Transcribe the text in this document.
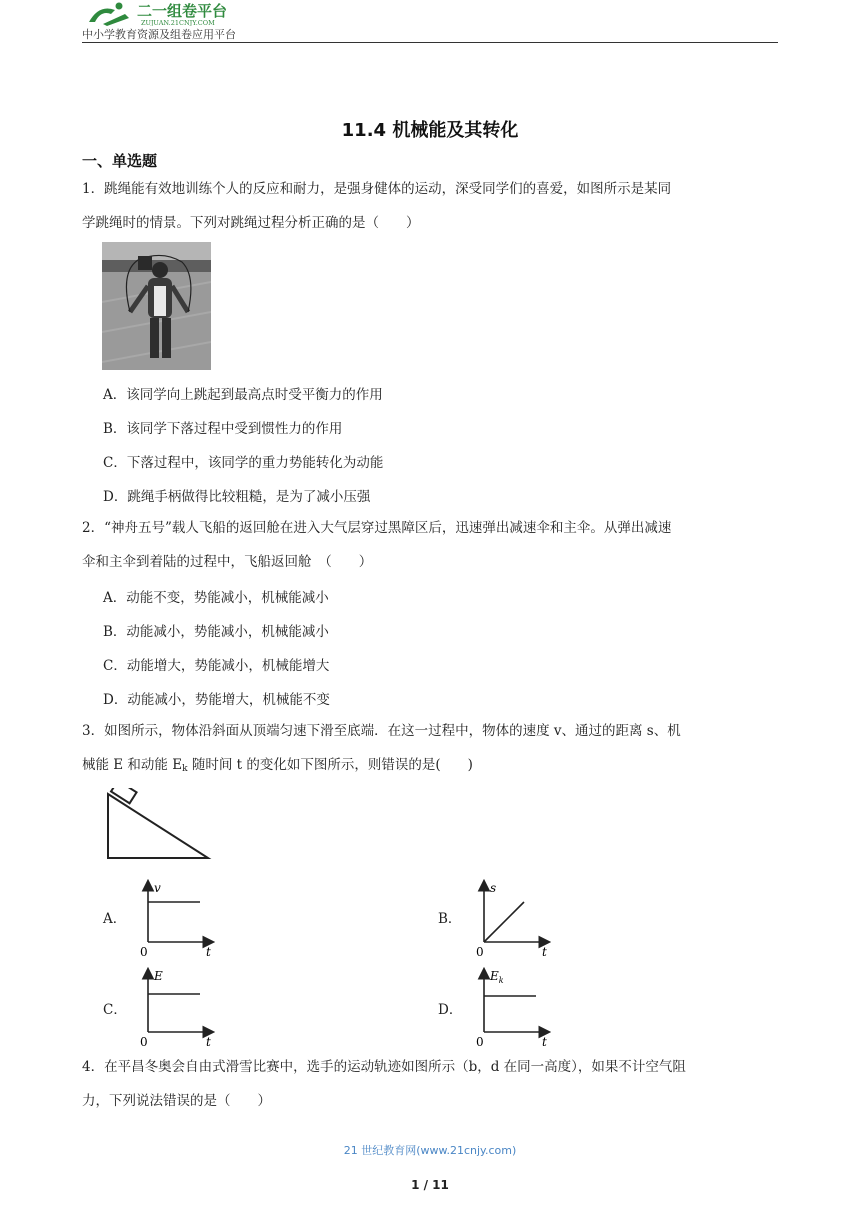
二一组卷平台
ZUJUAN.21CNJY.COM
中小学教育资源及组卷应用平台
11.4 机械能及其转化
一、单选题
1．跳绳能有效地训练个人的反应和耐力，是强身健体的运动，深受同学们的喜爱，如图所示是某同
学跳绳时的情景。下列对跳绳过程分析正确的是（　　）
A．该同学向上跳起到最高点时受平衡力的作用
B．该同学下落过程中受到惯性力的作用
C．下落过程中，该同学的重力势能转化为动能
D．跳绳手柄做得比较粗糙，是为了减小压强
2．“神舟五号”载人飞船的返回舱在进入大气层穿过黑障区后，迅速弹出减速伞和主伞。从弹出减速
伞和主伞到着陆的过程中，飞船返回舱　（　　）
A．动能不变，势能减小，机械能减小
B．动能减小，势能减小，机械能减小
C．动能增大，势能减小，机械能增大
D．动能减小，势能增大，机械能不变
3．如图所示，物体沿斜面从顶端匀速下滑至底端．在这一过程中，物体的速度 v、通过的距离 s、机
械能 E 和动能 $E_k$ 随时间 t 的变化如下图所示，则错误的是(　　)
A．	B．
C．	D．
v
t
0
s
t
0
E
t
0
$E_k$
t
0
4．在平昌冬奥会自由式滑雪比赛中，选手的运动轨迹如图所示（b，d 在同一高度），如果不计空气阻
力，下列说法错误的是（　　）
21 世纪教育网(www.21cnjy.com)
1 / 11
